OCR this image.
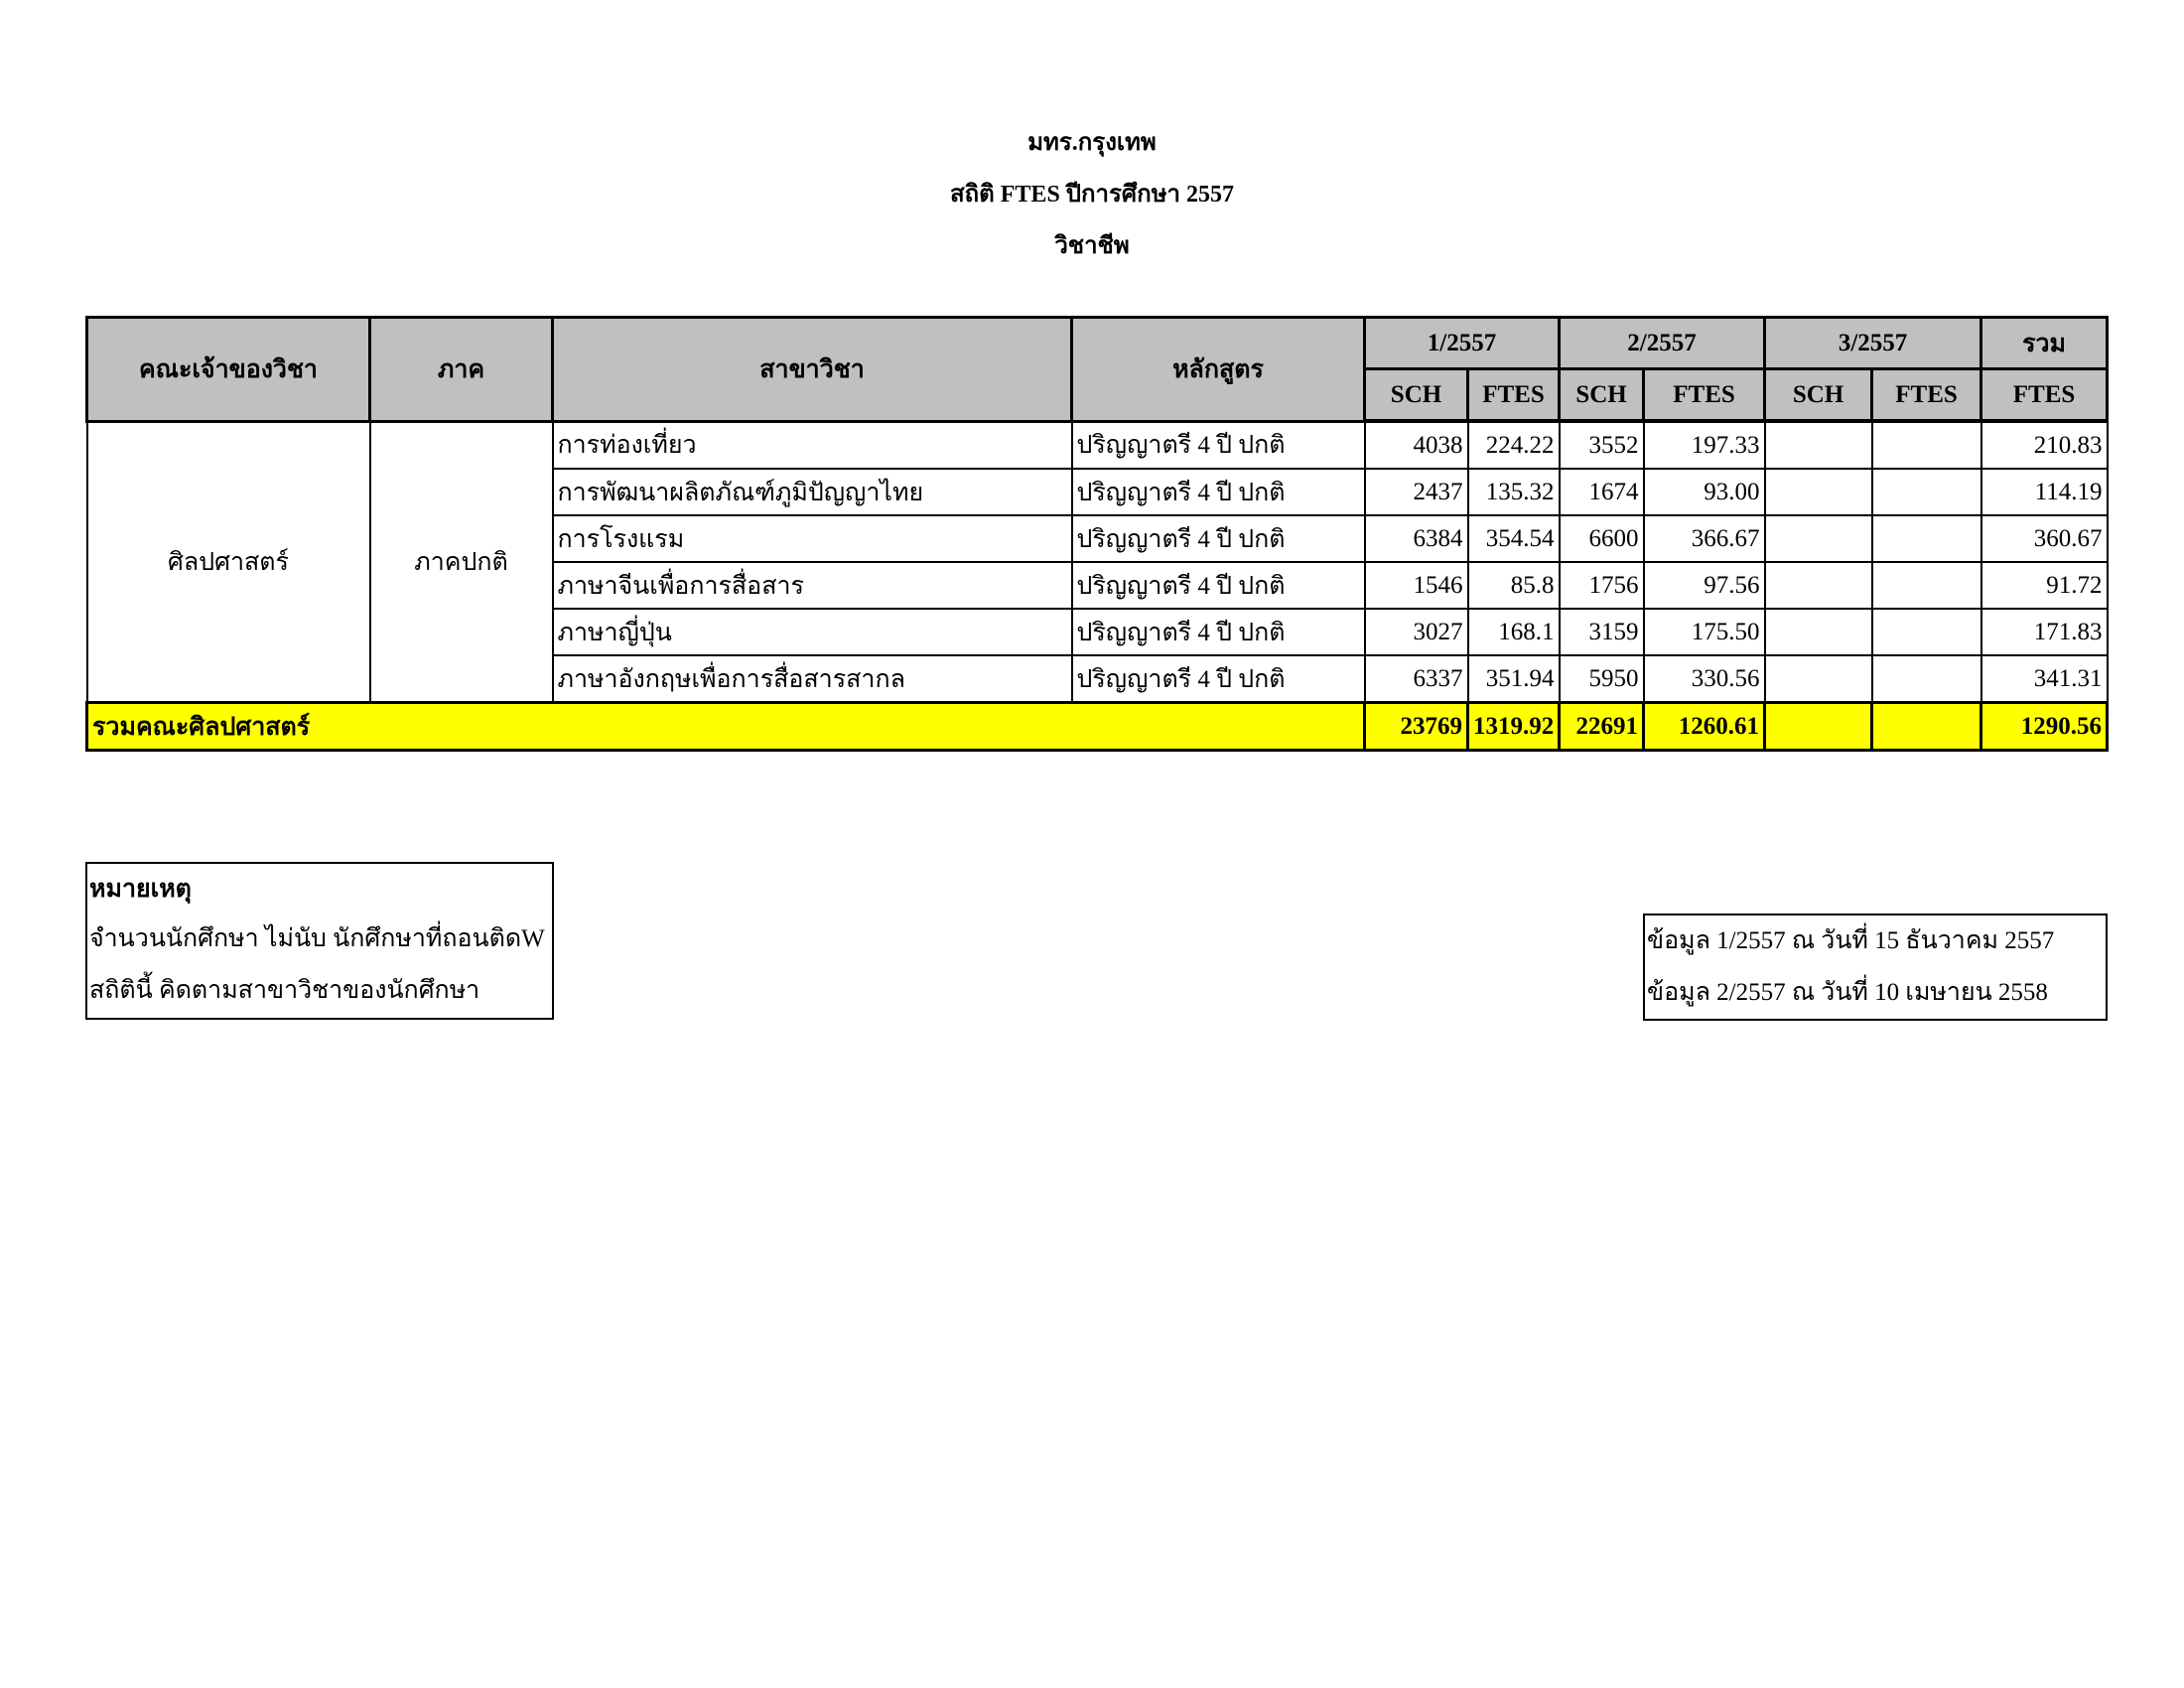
มทร.กรุงเทพ
สถิติ FTES ปีการศึกษา 2557
วิชาชีพ
คณะเจ้าของวิชา	ภาค	สาขาวิชา	หลักสูตร	1/2557		2/2557		3/2557		รวม
				SCH	FTES	SCH	FTES	SCH	FTES	FTES
ศิลปศาสตร์	ภาคปกติ	การท่องเที่ยว	ปริญญาตรี 4 ปี ปกติ	4038	224.22	3552	197.33			210.83
		การพัฒนาผลิตภัณฑ์ภูมิปัญญาไทย	ปริญญาตรี 4 ปี ปกติ	2437	135.32	1674	93.00			114.19
		การโรงแรม	ปริญญาตรี 4 ปี ปกติ	6384	354.54	6600	366.67			360.67
		ภาษาจีนเพื่อการสื่อสาร	ปริญญาตรี 4 ปี ปกติ	1546	85.8	1756	97.56			91.72
		ภาษาญี่ปุ่น	ปริญญาตรี 4 ปี ปกติ	3027	168.1	3159	175.50			171.83
		ภาษาอังกฤษเพื่อการสื่อสารสากล	ปริญญาตรี 4 ปี ปกติ	6337	351.94	5950	330.56			341.31
รวมคณะศิลปศาสตร์				23769	1319.92	22691	1260.61			1290.56
หมายเหตุ
จำนวนนักศึกษา ไม่นับ นักศึกษาที่ถอนติดW
สถิตินี้ คิดตามสาขาวิชาของนักศึกษา
ข้อมูล 1/2557 ณ วันที่ 15 ธันวาคม 2557
ข้อมูล 2/2557 ณ วันที่ 10 เมษายน 2558
